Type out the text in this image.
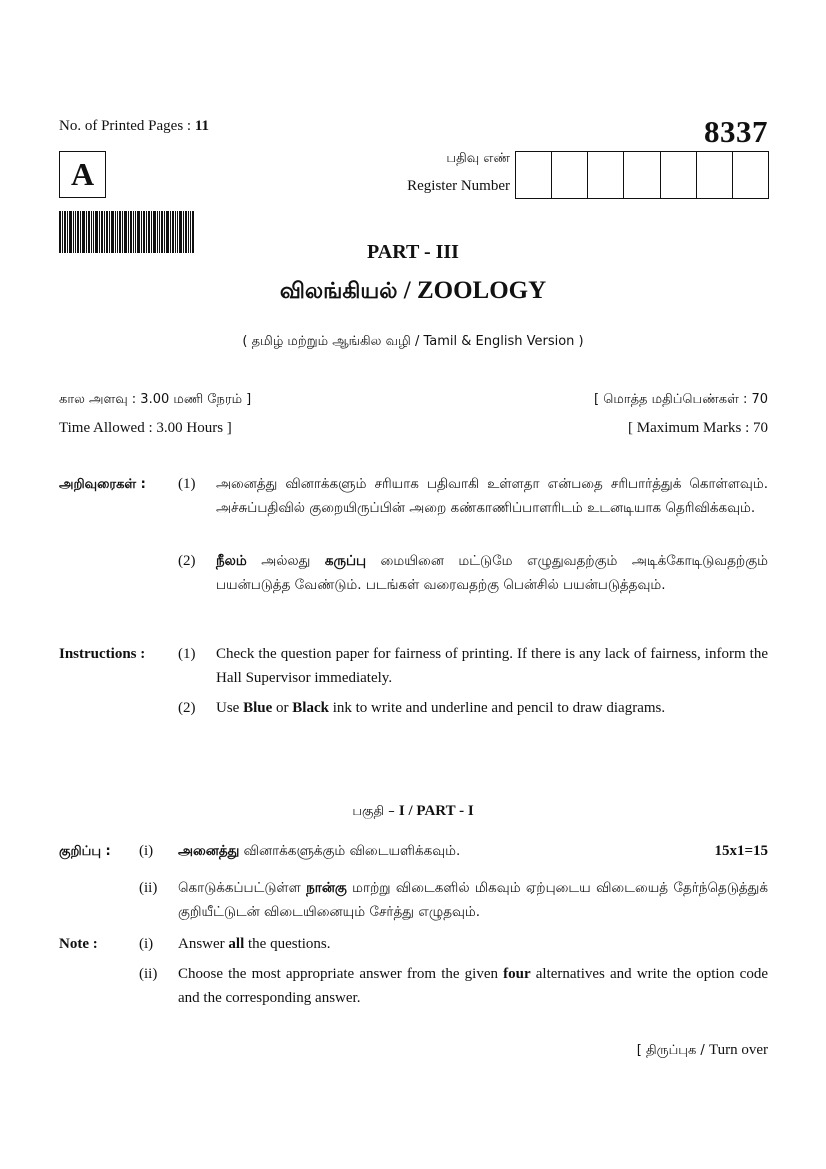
No. of Printed Pages : 11	8337
A	பதிவு எண்
Register Number
PART - III
விலங்கியல் / ZOOLOGY
( தமிழ் மற்றும் ஆங்கில வழி / Tamil & English Version )
கால அளவு : 3.00 மணி நேரம் ]	[ மொத்த மதிப்பெண்கள் : 70
Time Allowed : 3.00 Hours ]	[ Maximum Marks : 70
அறிவுரைகள் : (1) அனைத்து வினாக்களும் சரியாக பதிவாகி உள்ளதா என்பதை சரிபார்த்துக் கொள்ளவும். அச்சுப்பதிவில் குறையிருப்பின் அறை கண்காணிப்பாளரிடம் உடனடியாக தெரிவிக்கவும்.
(2) நீலம் அல்லது கருப்பு மையினை மட்டுமே எழுதுவதற்கும் அடிக்கோடிடுவதற்கும் பயன்படுத்த வேண்டும். படங்கள் வரைவதற்கு பென்சில் பயன்படுத்தவும்.
Instructions : (1) Check the question paper for fairness of printing. If there is any lack of fairness, inform the Hall Supervisor immediately.
(2) Use Blue or Black ink to write and underline and pencil to draw diagrams.
பகுதி – I / PART - I
குறிப்பு : (i) அனைத்து வினாக்களுக்கும் விடையளிக்கவும்.	15x1=15
(ii) கொடுக்கப்பட்டுள்ள நான்கு மாற்று விடைகளில் மிகவும் ஏற்புடைய விடையைத் தேர்ந்தெடுத்துக் குறியீட்டுடன் விடையினையும் சேர்த்து எழுதவும்.
Note :	(i) Answer all the questions.
(ii) Choose the most appropriate answer from the given four alternatives and write the option code and the corresponding answer.
[ திருப்புக / Turn over
